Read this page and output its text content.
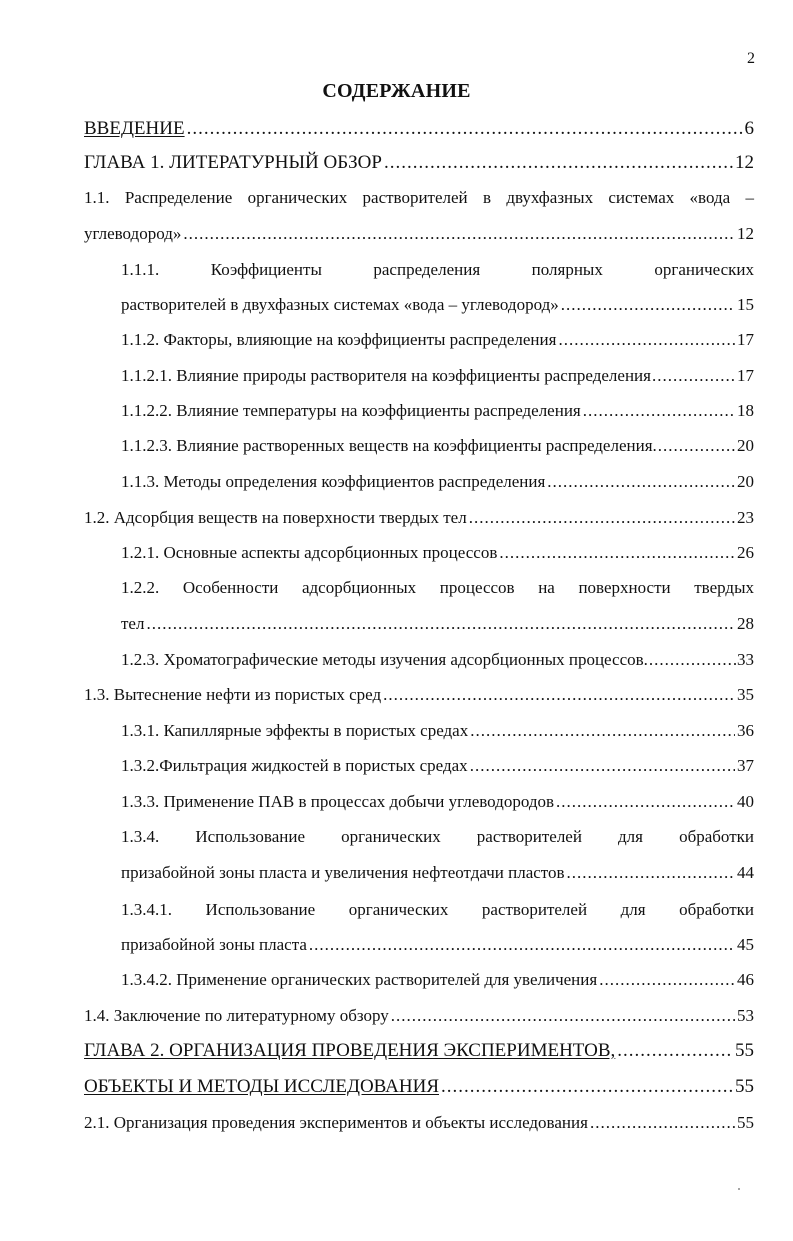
2
СОДЕРЖАНИЕ
ВВЕДЕНИЕ .....	6
ГЛАВА 1. ЛИТЕРАТУРНЫЙ ОБЗОР .....	12
1.1. Распределение органических растворителей в двухфазных системах «вода –
углеводород» .....	12
1.1.1. Коэффициенты распределения полярных органических
растворителей в двухфазных системах «вода – углеводород» .....	15
1.1.2. Факторы, влияющие на коэффициенты распределения .....	17
1.1.2.1. Влияние природы растворителя на коэффициенты распределения .....	17
1.1.2.2. Влияние температуры на коэффициенты распределения .....	18
1.1.2.3. Влияние растворенных веществ на коэффициенты распределения .....	20
1.1.3. Методы определения коэффициентов распределения .....	20
1.2. Адсорбция веществ на поверхности твердых тел .....	23
1.2.1. Основные аспекты адсорбционных процессов .....	26
1.2.2. Особенности адсорбционных процессов на поверхности твердых
тел .....	28
1.2.3. Хроматографические методы изучения адсорбционных процессов .....	33
1.3. Вытеснение нефти из пористых сред .....	35
1.3.1. Капиллярные эффекты в пористых средах .....	36
1.3.2.Фильтрация жидкостей в пористых средах .....	37
1.3.3. Применение ПАВ в процессах добычи углеводородов .....	40
1.3.4. Использование органических растворителей для обработки
призабойной зоны пласта и увеличения нефтеотдачи пластов .....	44
1.3.4.1. Использование органических растворителей для обработки
призабойной зоны пласта .....	45
1.3.4.2. Применение органических растворителей для увеличения .....	46
1.4. Заключение по литературному обзору .....	53
ГЛАВА 2. ОРГАНИЗАЦИЯ ПРОВЕДЕНИЯ ЭКСПЕРИМЕНТОВ, .....	55
ОБЪЕКТЫ И МЕТОДЫ ИССЛЕДОВАНИЯ .....	55
2.1. Организация проведения экспериментов и объекты исследования .....	55
